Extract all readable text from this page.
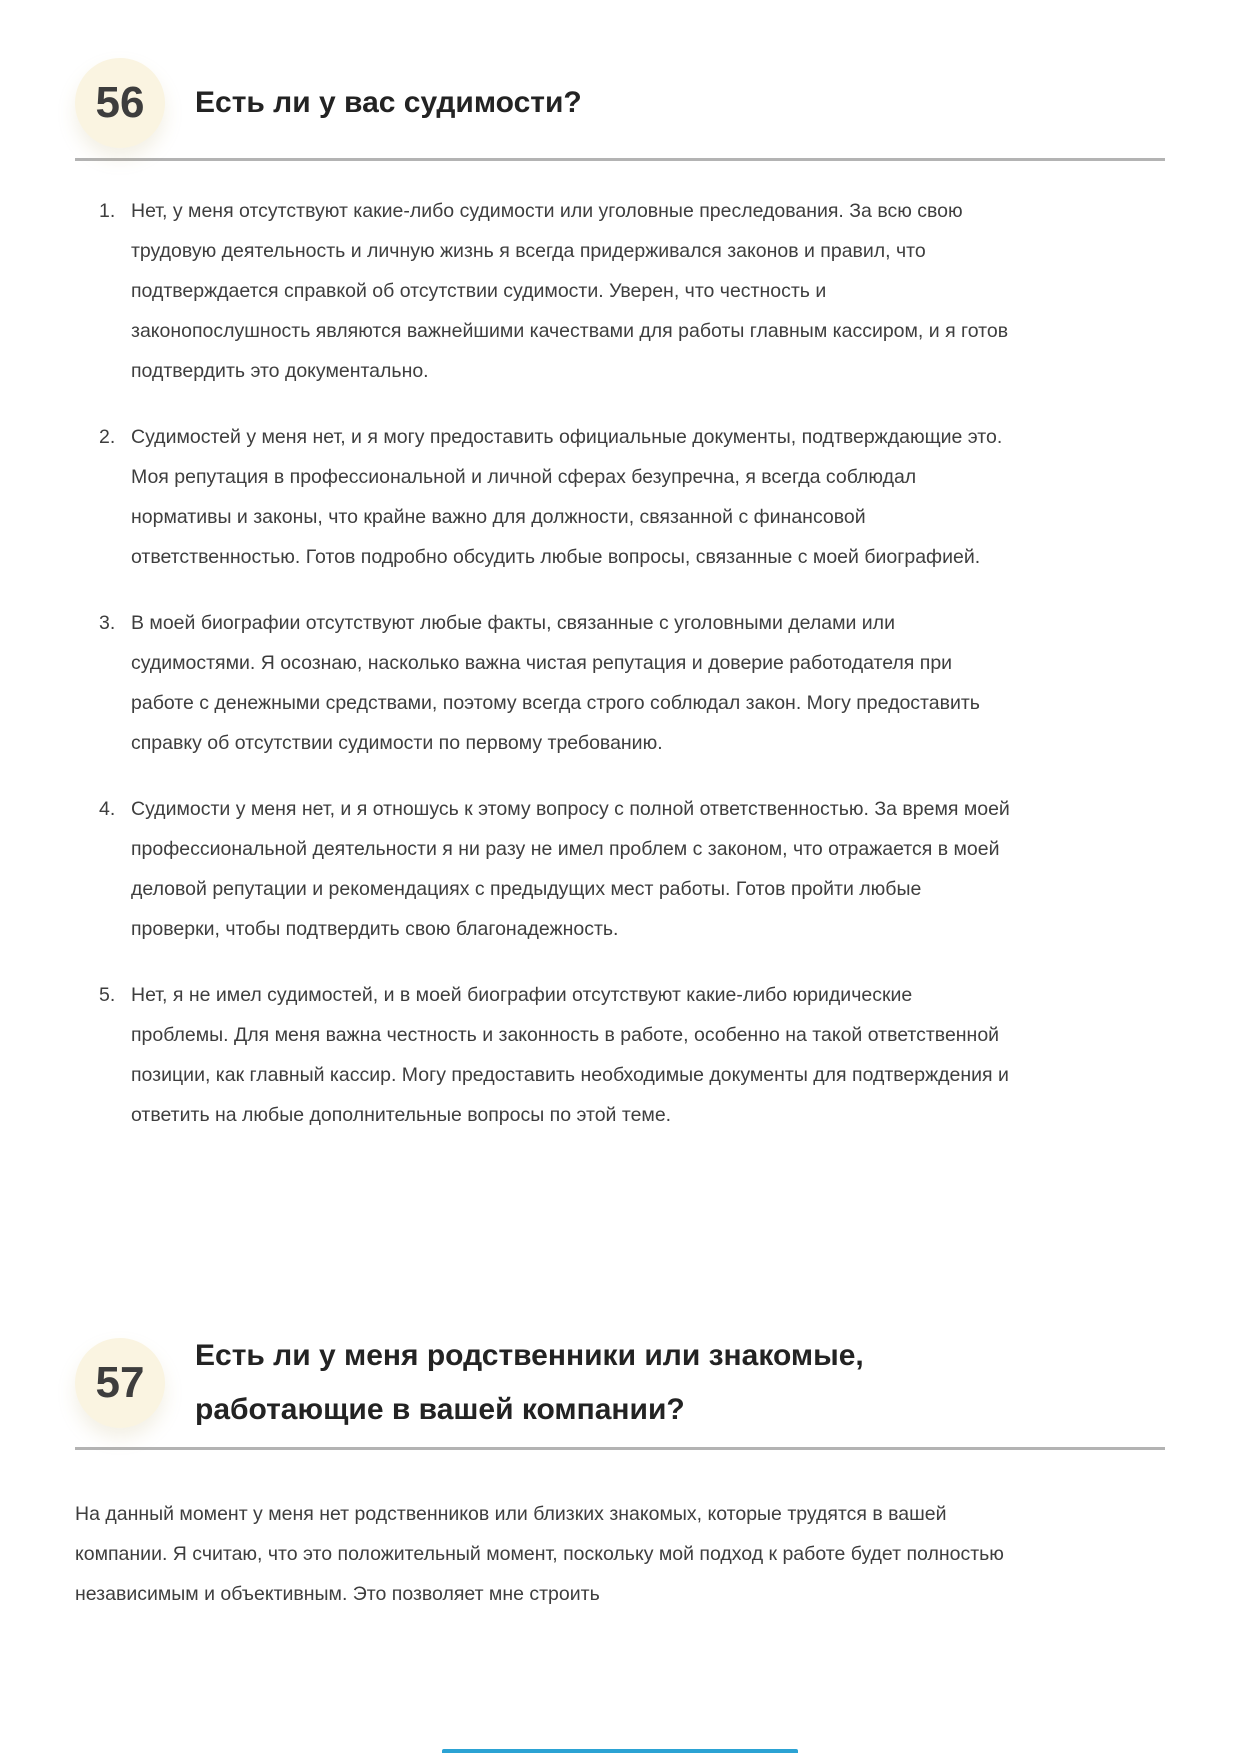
56 Есть ли у вас судимости?
1. Нет, у меня отсутствуют какие-либо судимости или уголовные преследования. За всю свою трудовую деятельность и личную жизнь я всегда придерживался законов и правил, что подтверждается справкой об отсутствии судимости. Уверен, что честность и законопослушность являются важнейшими качествами для работы главным кассиром, и я готов подтвердить это документально.
2. Судимостей у меня нет, и я могу предоставить официальные документы, подтверждающие это. Моя репутация в профессиональной и личной сферах безупречна, я всегда соблюдал нормативы и законы, что крайне важно для должности, связанной с финансовой ответственностью. Готов подробно обсудить любые вопросы, связанные с моей биографией.
3. В моей биографии отсутствуют любые факты, связанные с уголовными делами или судимостями. Я осознаю, насколько важна чистая репутация и доверие работодателя при работе с денежными средствами, поэтому всегда строго соблюдал закон. Могу предоставить справку об отсутствии судимости по первому требованию.
4. Судимости у меня нет, и я отношусь к этому вопросу с полной ответственностью. За время моей профессиональной деятельности я ни разу не имел проблем с законом, что отражается в моей деловой репутации и рекомендациях с предыдущих мест работы. Готов пройти любые проверки, чтобы подтвердить свою благонадежность.
5. Нет, я не имел судимостей, и в моей биографии отсутствуют какие-либо юридические проблемы. Для меня важна честность и законность в работе, особенно на такой ответственной позиции, как главный кассир. Могу предоставить необходимые документы для подтверждения и ответить на любые дополнительные вопросы по этой теме.
57
Есть ли у меня родственники или знакомые, работающие в вашей компании?

На данный момент у меня нет родственников или близких знакомых, которые трудятся в вашей компании. Я считаю, что это положительный момент, поскольку мой подход к работе будет полностью независимым и объективным. Это позволяет мне строить
